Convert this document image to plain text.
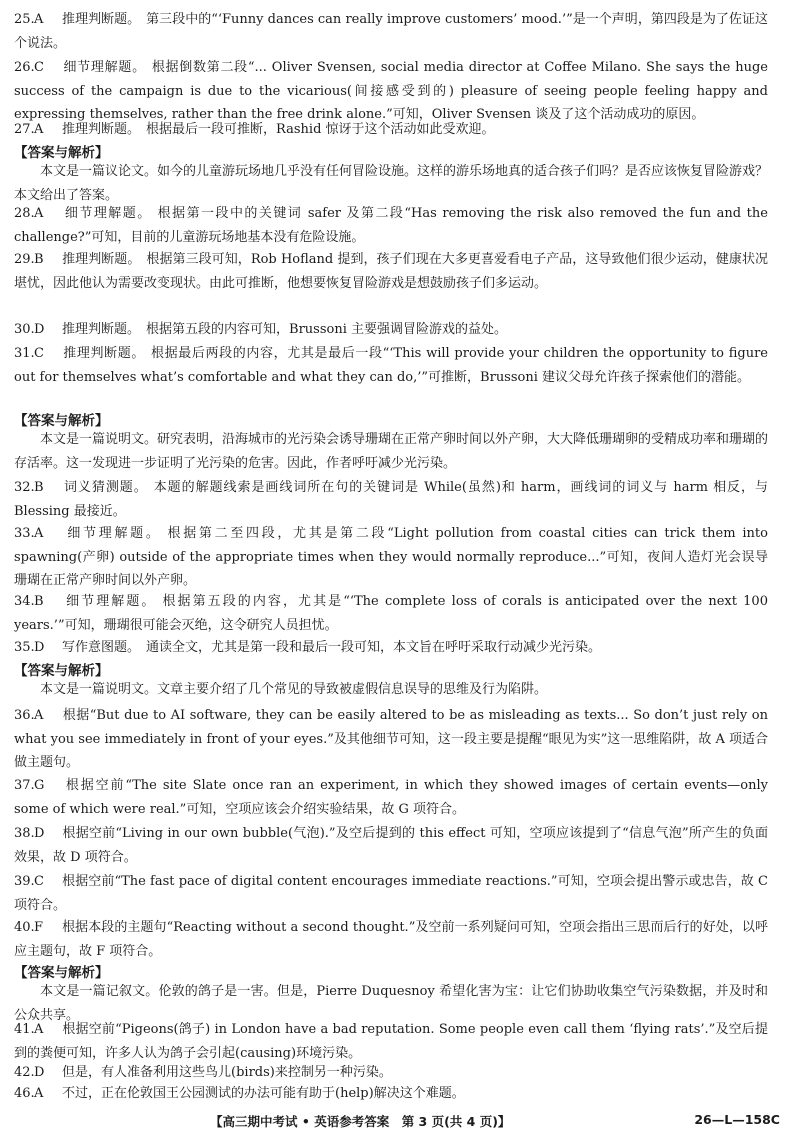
25.A　 推理判断题。 第三段中的“‘Funny dances can really improve customers’ mood.’”是一个声明，第四段是为了佐证这个说法。
26.C　 细节理解题。 根据倒数第二段“... Oliver Svensen, social media director at Coffee Milano. She says the huge success of the campaign is due to the vicarious(间接感受到的) pleasure of seeing people feeling happy and expressing themselves, rather than the free drink alone.”可知，Oliver Svensen 谈及了这个活动成功的原因。
27.A　 推理判断题。 根据最后一段可推断，Rashid 惊讶于这个活动如此受欢迎。
【答案与解析】
本文是一篇议论文。如今的儿童游玩场地几乎没有任何冒险设施。这样的游乐场地真的适合孩子们吗？是否应该恢复冒险游戏？本文给出了答案。
28.A　 细节理解题。 根据第一段中的关键词 safer 及第二段“Has removing the risk also removed the fun and the challenge?”可知，目前的儿童游玩场地基本没有危险设施。
29.B　 推理判断题。 根据第三段可知，Rob Hofland 提到，孩子们现在大多更喜爱看电子产品，这导致他们很少运动，健康状况堪忧，因此他认为需要改变现状。由此可推断，他想要恢复冒险游戏是想鼓励孩子们多运动。
30.D　 推理判断题。 根据第五段的内容可知，Brussoni 主要强调冒险游戏的益处。
31.C　 推理判断题。 根据最后两段的内容，尤其是最后一段“‘This will provide your children the opportunity to figure out for themselves what’s comfortable and what they can do,’”可推断，Brussoni 建议父母允许孩子探索他们的潜能。
【答案与解析】
本文是一篇说明文。研究表明，沿海城市的光污染会诱导珊瑚在正常产卵时间以外产卵，大大降低珊瑚卵的受精成功率和珊瑚的存活率。这一发现进一步证明了光污染的危害。因此，作者呼吁减少光污染。
32.B　 词义猜测题。 本题的解题线索是画线词所在句的关键词是 While(虽然)和 harm，画线词的词义与 harm 相反，与 Blessing 最接近。
33.A　 细节理解题。 根据第二至四段，尤其是第二段“Light pollution from coastal cities can trick them into spawning(产卵) outside of the appropriate times when they would normally reproduce...”可知，夜间人造灯光会误导珊瑚在正常产卵时间以外产卵。
34.B　 细节理解题。 根据第五段的内容，尤其是“‘The complete loss of corals is anticipated over the next 100 years.’”可知，珊瑚很可能会灭绝，这令研究人员担忧。
35.D　 写作意图题。 通读全文，尤其是第一段和最后一段可知，本文旨在呼吁采取行动减少光污染。
【答案与解析】
本文是一篇说明文。文章主要介绍了几个常见的导致被虚假信息误导的思维及行为陷阱。
36.A　 根据“But due to AI software, they can be easily altered to be as misleading as texts... So don’t just rely on what you see immediately in front of your eyes.”及其他细节可知，这一段主要是提醒“眼见为实”这一思维陷阱，故 A 项适合做主题句。
37.G　 根据空前“The site Slate once ran an experiment, in which they showed images of certain events—only some of which were real.”可知，空项应该会介绍实验结果，故 G 项符合。
38.D　 根据空前“Living in our own bubble(气泡).”及空后提到的 this effect 可知，空项应该提到了“信息气泡”所产生的负面效果，故 D 项符合。
39.C　 根据空前“The fast pace of digital content encourages immediate reactions.”可知，空项会提出警示或忠告，故 C 项符合。
40.F　 根据本段的主题句“Reacting without a second thought.”及空前一系列疑问可知，空项会指出三思而后行的好处，以呼应主题句，故 F 项符合。
【答案与解析】
本文是一篇记叙文。伦敦的鸽子是一害。但是，Pierre Duquesnoy 希望化害为宝：让它们协助收集空气污染数据，并及时和公众共享。
41.A　 根据空前“Pigeons(鸽子) in London have a bad reputation. Some people even call them ‘flying rats’.”及空后提到的粪便可知，许多人认为鸽子会引起(causing)环境污染。
42.D　 但是，有人准备利用这些鸟儿(birds)来控制另一种污染。

46.A　 不过，正在伦敦国王公园测试的办法可能有助于(help)解决这个难题。
【高三期中考试 • 英语参考答案　第 3 页(共 4 页)】	26—L—158C
